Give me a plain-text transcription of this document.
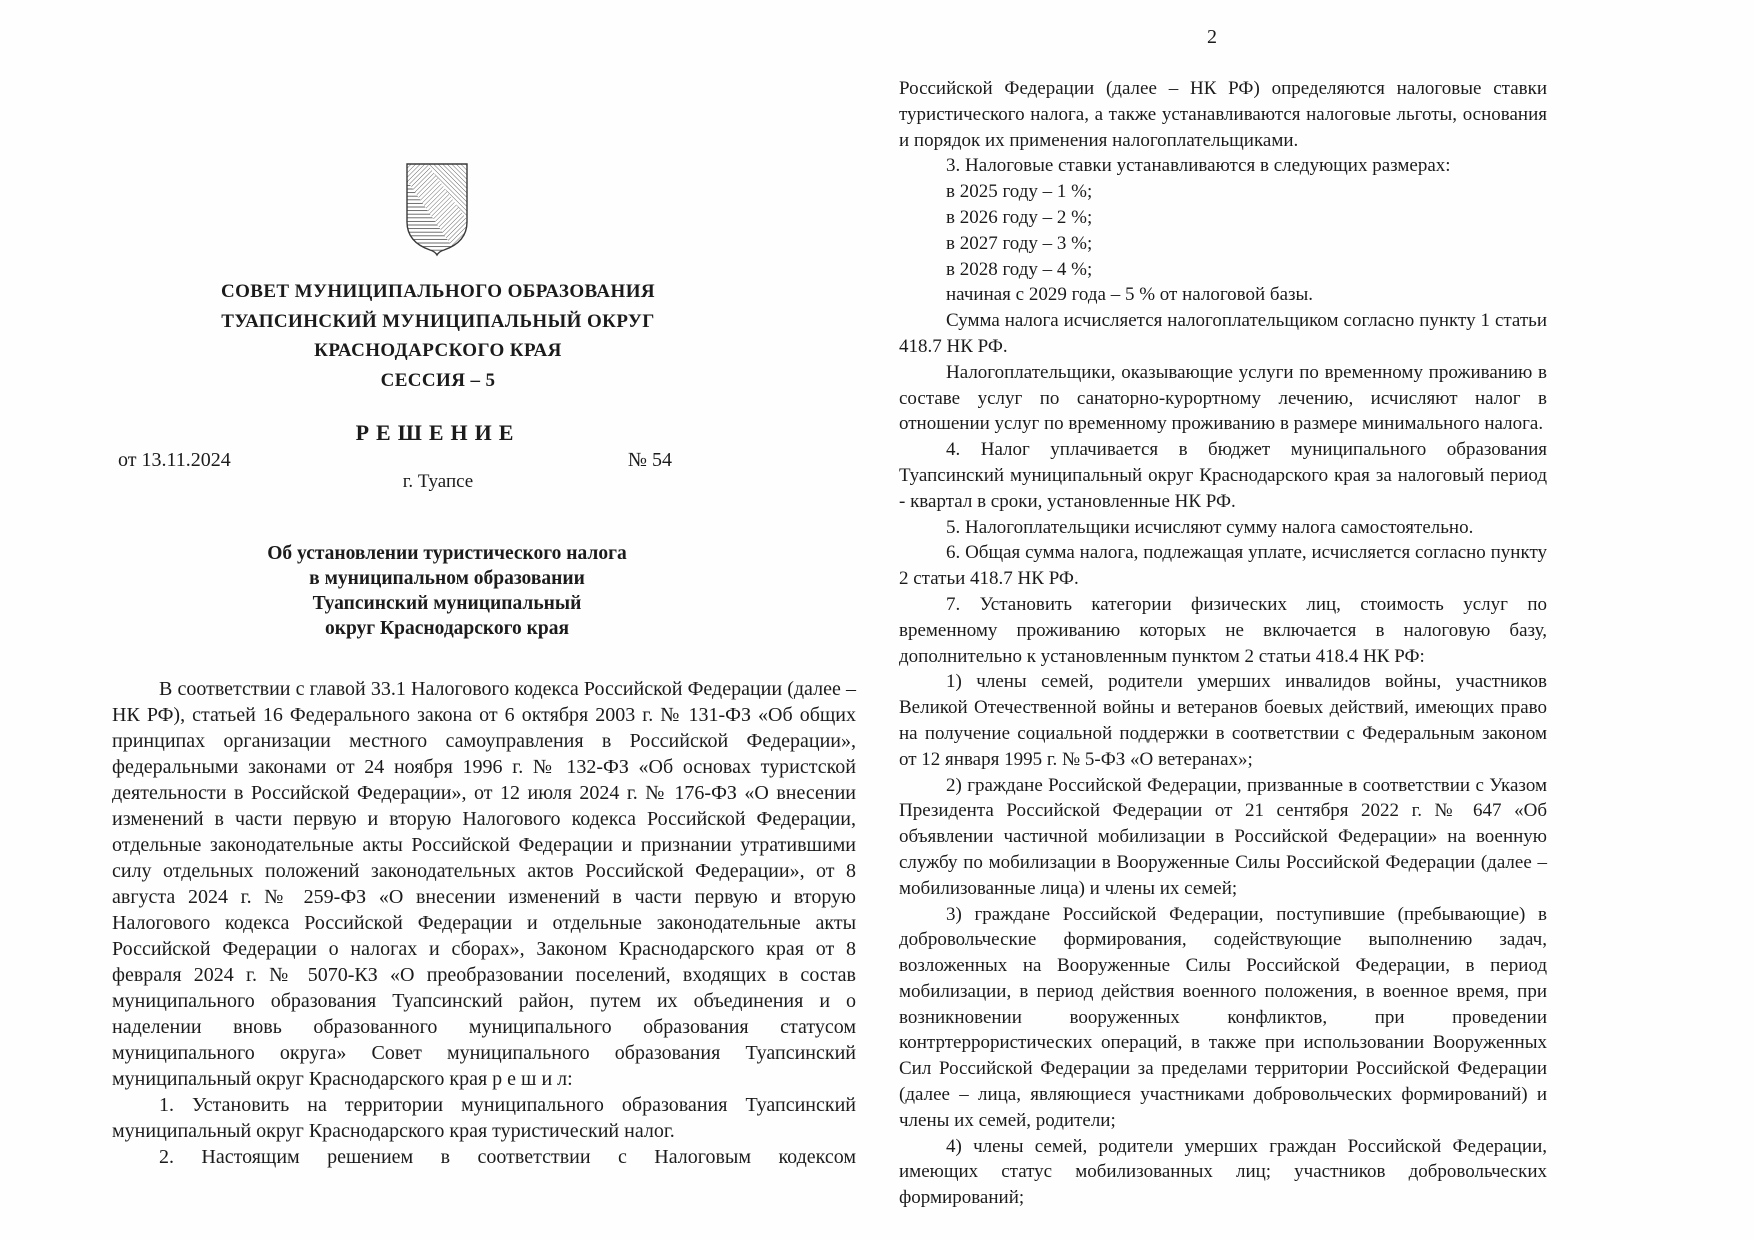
СОВЕТ МУНИЦИПАЛЬНОГО ОБРАЗОВАНИЯ

ТУАПСИНСКИЙ МУНИЦИПАЛЬНЫЙ ОКРУГ

КРАСНОДАРСКОГО КРАЯ

СЕССИЯ – 5

РЕШЕНИЕ
от 13.11.2024	№ 54
г. Туапсе

Об установлении туристического налога

в муниципальном образовании

Туапсинский муниципальный

округ Краснодарского края

В соответствии с главой 33.1 Налогового кодекса Российской Федерации (далее – НК РФ), статьей 16 Федерального закона от 6 октября 2003 г. № 131-ФЗ «Об общих принципах организации местного самоуправления в Российской Федерации», федеральными законами от 24 ноября 1996 г. № 132-ФЗ «Об основах туристской деятельности в Российской Федерации», от 12 июля 2024 г. № 176-ФЗ «О внесении изменений в части первую и вторую Налогового кодекса Российской Федерации, отдельные законодательные акты Российской Федерации и признании утратившими силу отдельных положений законодательных актов Российской Федерации», от 8 августа 2024 г. № 259-ФЗ «О внесении изменений в части первую и вторую Налогового кодекса Российской Федерации и отдельные законодательные акты Российской Федерации о налогах и сборах», Законом Краснодарского края от 8 февраля 2024 г. № 5070-КЗ «О преобразовании поселений, входящих в состав муниципального образования Туапсинский район, путем их объединения и о наделении вновь образованного муниципального образования статусом муниципального округа» Совет муниципального образования Туапсинский муниципальный округ Краснодарского края р е ш и л:

1. Установить на территории муниципального образования Туапсинский муниципальный округ Краснодарского края туристический налог.

2. Настоящим решением в соответствии с Налоговым кодексом

2

Российской Федерации (далее – НК РФ) определяются налоговые ставки туристического налога, а также устанавливаются налоговые льготы, основания и порядок их применения налогоплательщиками.

3. Налоговые ставки устанавливаются в следующих размерах:

в 2025 году – 1 %;

в 2026 году – 2 %;

в 2027 году – 3 %;

в 2028 году – 4 %;

начиная с 2029 года – 5 % от налоговой базы.

Сумма налога исчисляется налогоплательщиком согласно пункту 1 статьи 418.7 НК РФ.

Налогоплательщики, оказывающие услуги по временному проживанию в составе услуг по санаторно-курортному лечению, исчисляют налог в отношении услуг по временному проживанию в размере минимального налога.

4. Налог уплачивается в бюджет муниципального образования Туапсинский муниципальный округ Краснодарского края за налоговый период - квартал в сроки, установленные НК РФ.

5. Налогоплательщики исчисляют сумму налога самостоятельно.

6. Общая сумма налога, подлежащая уплате, исчисляется согласно пункту 2 статьи 418.7 НК РФ.

7. Установить категории физических лиц, стоимость услуг по временному проживанию которых не включается в налоговую базу, дополнительно к установленным пунктом 2 статьи 418.4 НК РФ:

1) члены семей, родители умерших инвалидов войны, участников Великой Отечественной войны и ветеранов боевых действий, имеющих право на получение социальной поддержки в соответствии с Федеральным законом от 12 января 1995 г. № 5-ФЗ «О ветеранах»;

2) граждане Российской Федерации, призванные в соответствии с Указом Президента Российской Федерации от 21 сентября 2022 г. № 647 «Об объявлении частичной мобилизации в Российской Федерации» на военную службу по мобилизации в Вооруженные Силы Российской Федерации (далее – мобилизованные лица) и члены их семей;

3) граждане Российской Федерации, поступившие (пребывающие) в добровольческие формирования, содействующие выполнению задач, возложенных на Вооруженные Силы Российской Федерации, в период мобилизации, в период действия военного положения, в военное время, при возникновении вооруженных конфликтов, при проведении контртеррористических операций, в также при использовании Вооруженных Сил Российской Федерации за пределами территории Российской Федерации (далее – лица, являющиеся участниками добровольческих формирований) и члены их семей, родители;

4) члены семей, родители умерших граждан Российской Федерации, имеющих статус мобилизованных лиц; участников добровольческих формирований;
